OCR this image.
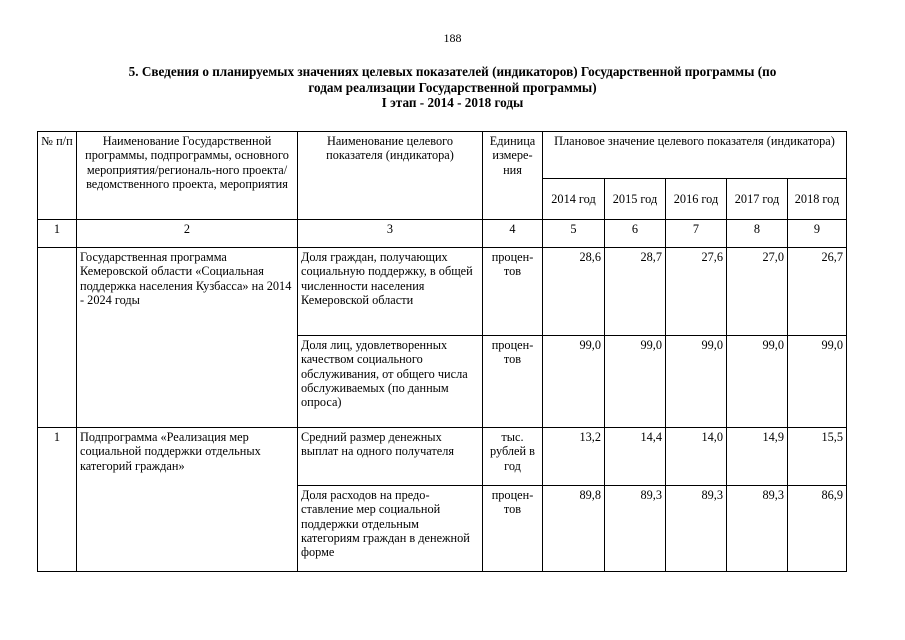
188
5. Сведения о планируемых значениях целевых показателей (индикаторов) Государственной программы (по
годам реализации Государственной программы)
I этап - 2014 - 2018 годы
№ п/п	Наименование Государственной программы, подпрограммы, основного мероприятия/региональ-ного проекта/ведомственного проекта, мероприятия	Наименование целевого показателя (индикатора)	Единица измере-ния	Плановое значение целевого показателя (индикатора)				
				2014 год	2015 год	2016 год	2017 год	2018 год
1	2	3	4	5	6	7	8	9
	Государственная программа Кемеровской области «Социальная поддержка населения Кузбасса» на 2014 - 2024 годы	Доля граждан, получающих социальную поддержку, в общей численности населения Кемеровской области	процен-тов	28,6	28,7	27,6	27,0	26,7
		Доля лиц, удовлетворенных качеством социального обслуживания, от общего числа обслуживаемых (по данным опроса)	процен-тов	99,0	99,0	99,0	99,0	99,0
1	Подпрограмма «Реализация мер социальной поддержки отдельных категорий граждан»	Средний размер денежных выплат на одного получателя	тыс. рублей в год	13,2	14,4	14,0	14,9	15,5
		Доля расходов на предо-ставление мер социальной поддержки отдельным категориям граждан в денежной форме	процен-тов	89,8	89,3	89,3	89,3	86,9
